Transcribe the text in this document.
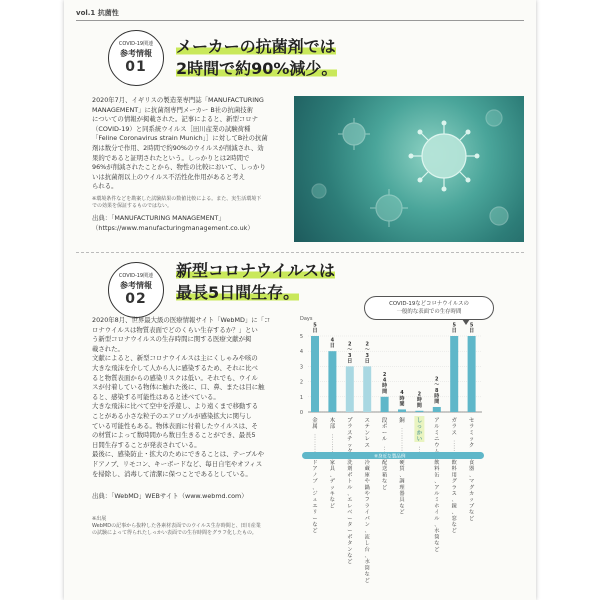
vol.1 抗菌性
COVID-19関連
参考情報
01
メーカーの抗菌剤では
2時間で約90%減少。

2020年7月、イギリスの製造業専門誌「MANUFACTURING
MANAGEMENT」に抗菌剤専門メーカー B社の抗菌技術
についての情報が掲載された。記事によると、新型コロナ
（COVID-19）と同系統ウイルス［田川産業の試験荷種
「Feline Coronavirus strain Munich」］に対してB社の抗菌
剤は数分で作用、2時間で約90%のウイルスが削減され、効
果的であると証明されたという。しっかりとは2時間で
96%が削減されたことから、物性の比較において、しっかり
いは抗菌剤以上のウイルス不活性化作用があると考え
られる。

※環境条件などを勘案した試験結果の数値比較による。また、実生活環境下
での効果を保証するものではない。

出典：「MANUFACTURING MANAGEMENT」
（https://www.manufacturingmanagement.co.uk）

COVID-19関連
参考情報
02
新型コロナウイルスは
最長5日間生存。

2020年8月、世界最大級の医療情報サイト「WebMD」に「コ
ロナウイルスは物質表面でどのくらい生存するか？」とい
う新型コロナウイルスの生存時間に関する医療文献が掲
載された。
文献によると、新型コロナウイルスは主にくしゃみや咳の
大きな飛沫を介して人から人に感染するため、それに比べ
ると物質表面からの感染リスクは低い。それでも、ウイル
スが付着している物体に触れた後に、口、鼻、または目に触
ると、感染する可能性はあると述べている。
大きな飛沫に比べて空中を浮遊し、より遠くまで移動する
ことがある小さな粒子のエアロゾルが感染拡大に関与し
ている可能性もある。物体表面に付着したウイルスは、そ
の材質によって数時間から数日生きることができ、最長5
日間生存することが発表されている。
最後に、感染防止・拡大のためにできることは、テーブルや
ドアノブ、リモコン、キーボードなど、毎日自宅やオフィス
を掃除し、消毒して清潔に保つことであるとしている。

出典：「WebMD」WEBサイト（www.webmd.com）

※出展
WebMDの記事から抜粋した各素材表面でのウイルス生存時間と、田川産業
の試験によって得られたしっかい表面での生存時間をグラフ化したもの。

COVID-19などコロナウイルスの
一般的な表面での生存時間
Days
0
1
2
3
4
5
5
日
金
属
ド
ア
ノ
ブ
、
ジ
ュ
エ
リ
ー
な
ど
4
日
木
部
家
具
、
デ
ッ
キ
な
ど
2
〜
3
日
プ
ラ
ス
チ
ッ
洗
剤
ボ
ト
ル
、
エ
レ
ベ
ー
タ
ー
ボ
タ
ン
な
ど
2
〜
3
日
ス
テ
ン
レ
ス
冷
蔵
庫
や
鍋
や
フ
ラ
イ
パ
ン
、
流
し
台
、
水
筒
な
ど
2
4
時
間
段
ボ
ー
ル
配
送
箱
な
ど
4
時
間
銅
硬
貨
、
調
理
器
具
な
ど
2
時
間
し
っ
か
い
2
〜
8
時
間
ア
ル
ミ
ニ
ウ
飲
料
缶
、
ア
ル
ミ
ホ
イ
ル
、
水
筒
な
ど
5
日
ガ
ラ
ス
飲
料
用
グ
ラ
ス
、
鏡
、
窓
な
ど
5
日
セ
ラ
ミ
ッ
ク
食
器
、
マ
グ
カ
ッ
プ
な
ど
※身近な製品例
